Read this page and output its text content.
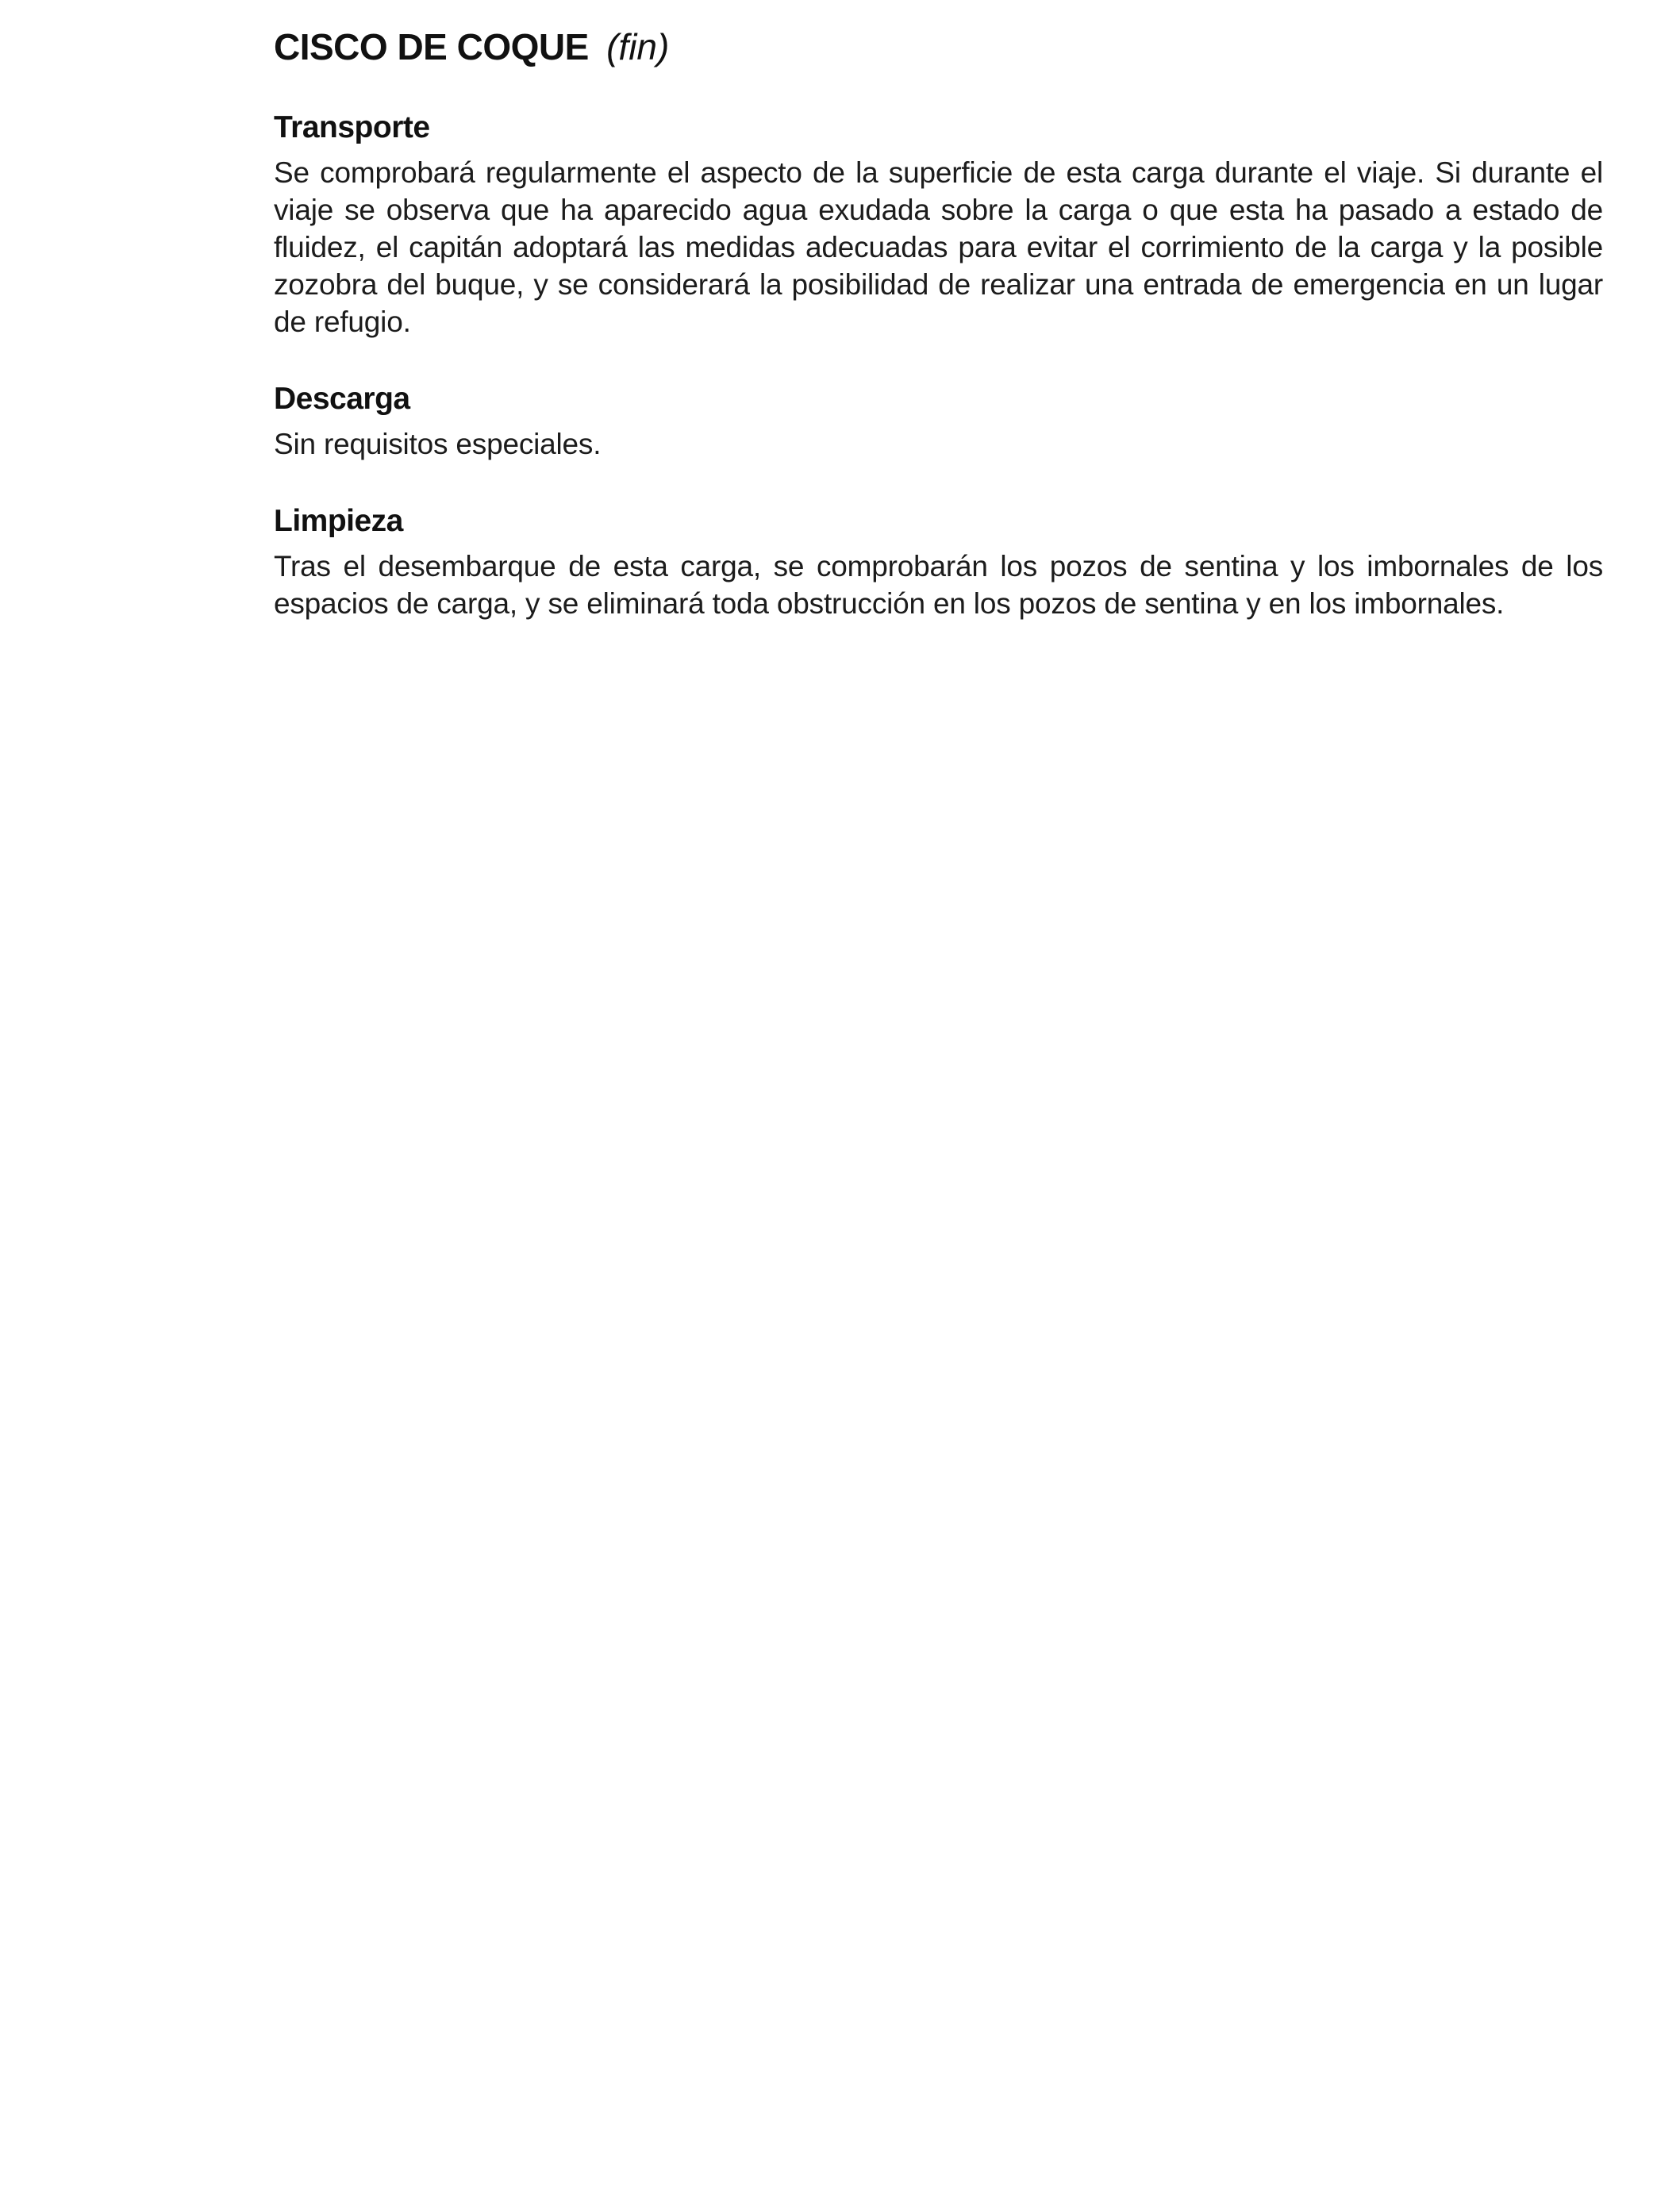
CISCO DE COQUE (fin)
Transporte

Se comprobará regularmente el aspecto de la superficie de esta carga durante el viaje. Si durante el viaje se observa que ha aparecido agua exudada sobre la carga o que esta ha pasado a estado de fluidez, el capitán adoptará las medidas adecuadas para evitar el corrimiento de la carga y la posible zozobra del buque, y se considerará la posibilidad de realizar una entrada de emergencia en un lugar de refugio.

Descarga

Sin requisitos especiales.

Limpieza

Tras el desembarque de esta carga, se comprobarán los pozos de sentina y los imbornales de los espacios de carga, y se eliminará toda obstrucción en los pozos de sentina y en los imbornales.
